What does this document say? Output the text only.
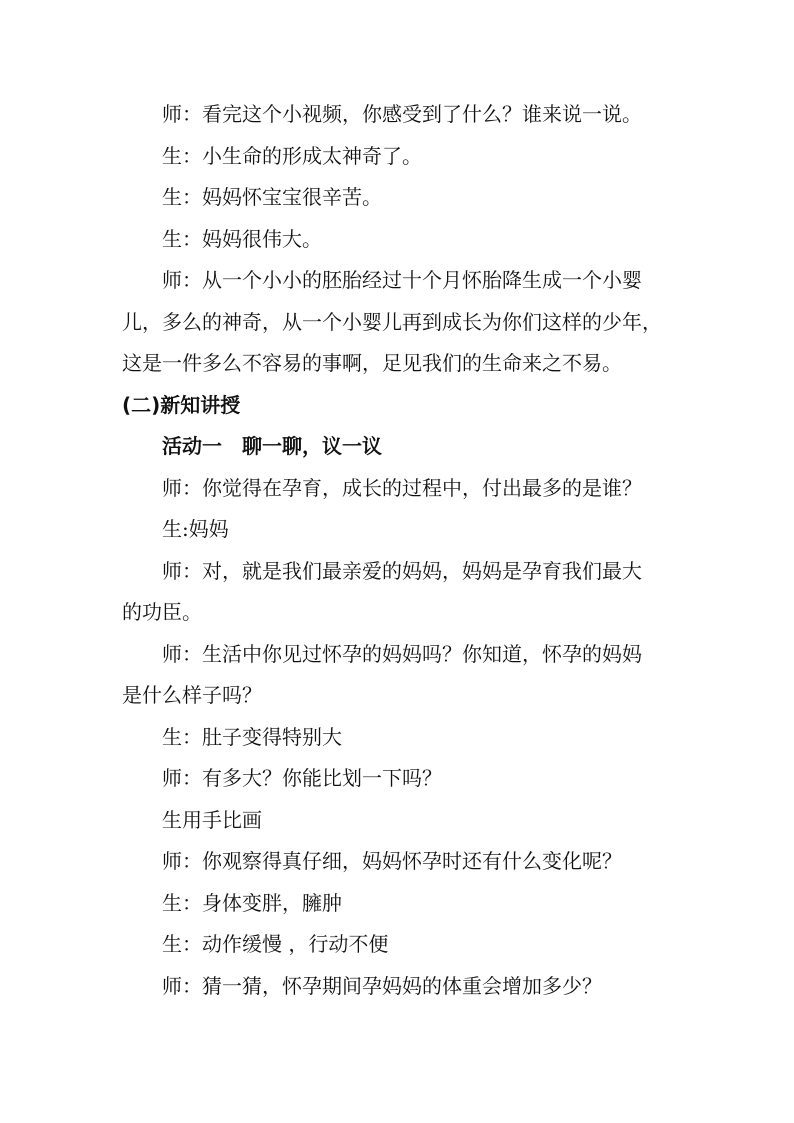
师：看完这个小视频，你感受到了什么？谁来说一说。
生：小生命的形成太神奇了。
生：妈妈怀宝宝很辛苦。
生：妈妈很伟大。
师：从一个小小的胚胎经过十个月怀胎降生成一个小婴
儿，多么的神奇，从一个小婴儿再到成长为你们这样的少年，
这是一件多么不容易的事啊，足见我们的生命来之不易。
(二)新知讲授
活动一　聊一聊，议一议
师：你觉得在孕育，成长的过程中，付出最多的是谁？
生:妈妈
师：对，就是我们最亲爱的妈妈，妈妈是孕育我们最大
的功臣。
师：生活中你见过怀孕的妈妈吗？你知道，怀孕的妈妈
是什么样子吗？
生：肚子变得特别大
师：有多大？你能比划一下吗？
生用手比画
师：你观察得真仔细，妈妈怀孕时还有什么变化呢？
生：身体变胖，臃肿
生：动作缓慢 ，行动不便
师：猜一猜，怀孕期间孕妈妈的体重会增加多少？
